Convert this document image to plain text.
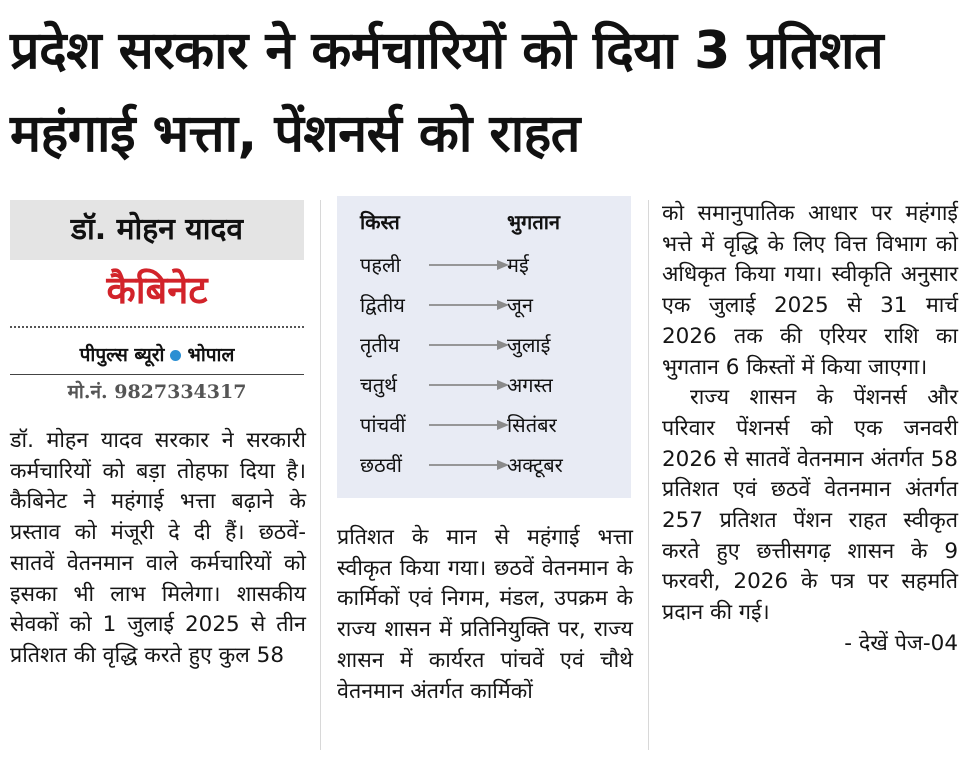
प्रदेश सरकार ने कर्मचारियों को दिया 3 प्रतिशत महंगाई भत्ता, पेंशनर्स को राहत
डॉ. मोहन यादव
कैबिनेट
पीपुल्स ब्यूरो भोपाल
मो.नं. 9827334317

डॉ. मोहन यादव सरकार ने सरकारी कर्मचारियों को बड़ा तोहफा दिया है। कैबिनेट ने महंगाई भत्ता बढ़ाने के प्रस्ताव को मंजूरी दे दी हैं। छठवें-सातवें वेतनमान वाले कर्मचारियों को इसका भी लाभ मिलेगा। शासकीय सेवकों को 1 जुलाई 2025 से तीन प्रतिशत की वृद्धि करते हुए कुल 58

किस्त	भुगतान
पहली	मई
द्वितीय	जून
तृतीय	जुलाई
चतुर्थ	अगस्त
पांचवीं	सितंबर
छठवीं	अक्टूबर

प्रतिशत के मान से महंगाई भत्ता स्वीकृत किया गया। छठवें वेतनमान के कार्मिकों एवं निगम, मंडल, उपक्रम के राज्य शासन में प्रतिनियुक्ति पर, राज्य शासन में कार्यरत पांचवें एवं चौथे वेतनमान अंतर्गत कार्मिकों

को समानुपातिक आधार पर महंगाई भत्ते में वृद्धि के लिए वित्त विभाग को अधिकृत किया गया। स्वीकृति अनुसार एक जुलाई 2025 से 31 मार्च 2026 तक की एरियर राशि का भुगतान 6 किस्तों में किया जाएगा।
राज्य शासन के पेंशनर्स और परिवार पेंशनर्स को एक जनवरी 2026 से सातवें वेतनमान अंतर्गत 58 प्रतिशत एवं छठवें वेतनमान अंतर्गत 257 प्रतिशत पेंशन राहत स्वीकृत करते हुए छत्तीसगढ़ शासन के 9 फरवरी, 2026 के पत्र पर सहमति प्रदान की गई।
- देखें पेज-04
